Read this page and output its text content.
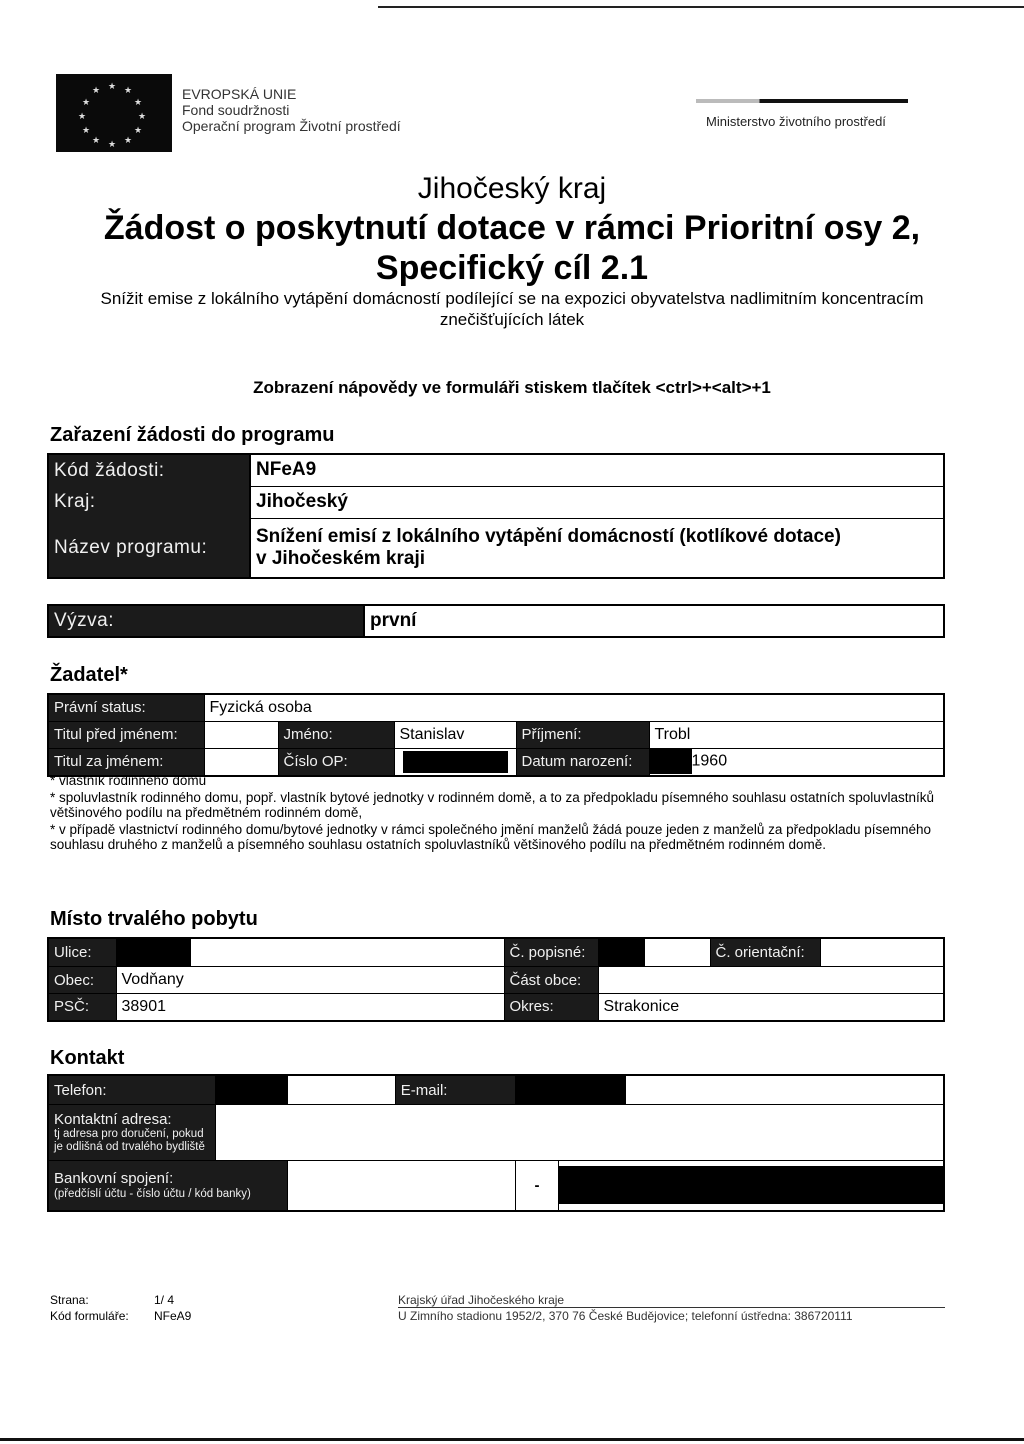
★ ★
★
★
★
★
★
★
★
★
★
★	EVROPSKÁ UNIE
Fond soudržnosti
Operační program Životní prostředí	Ministerstvo životního prostředí
Jihočeský kraj
Žádost o poskytnutí dotace v rámci Prioritní osy 2,
Specifický cíl 2.1
Snížit emise z lokálního vytápění domácností podílející se na expozici obyvatelstva nadlimitním koncentracím znečišťujících látek
Zobrazení nápovědy ve formuláři stiskem tlačítek <ctrl>+<alt>+1
Zařazení žádosti do programu
Kód žádosti:	NFeA9
Kraj:	Jihočeský
Název programu:	Snížení emisí z lokálního vytápění domácností (kotlíkové dotace)
v Jihočeském kraji
Výzva:	první
Žadatel*
Právní status:	Fyzická osoba				
Titul před jménem:		Jméno:	Stanislav	Příjmení:	Trobl
Titul za jménem:		Číslo OP:		Datum narození:	1960

* vlastník rodinného domu

* spoluvlastník rodinného domu, popř. vlastník bytové jednotky v rodinném domě, a to za předpokladu písemného souhlasu ostatních spoluvlastníků většinového podílu na předmětném rodinném domě,

* v případě vlastnictví rodinného domu/bytové jednotky v rámci společného jmění manželů žádá pouze jeden z manželů za předpokladu písemného souhlasu druhého z manželů a písemného souhlasu ostatních spoluvlastníků většinového podílu na předmětném rodinném domě.

Místo trvalého pobytu
Ulice:			Č. popisné:			Č. orientační:	
Obec:	Vodňany		Část obce:				
PSČ:	38901		Okres:	Strakonice			
Kontakt
Telefon:			E-mail:		

Kontaktní adresa:
tj adresa pro doručení, pokud je odlišná od trvalého bydliště					

Bankovní spojení:
(předčíslí účtu - číslo účtu / kód banky)				-	
Strana:	1/ 4
Kód formuláře: NFeA9
Krajský úřad Jihočeského kraje
U Zimního stadionu 1952/2, 370 76 České Budějovice; telefonní ústředna: 386720111
